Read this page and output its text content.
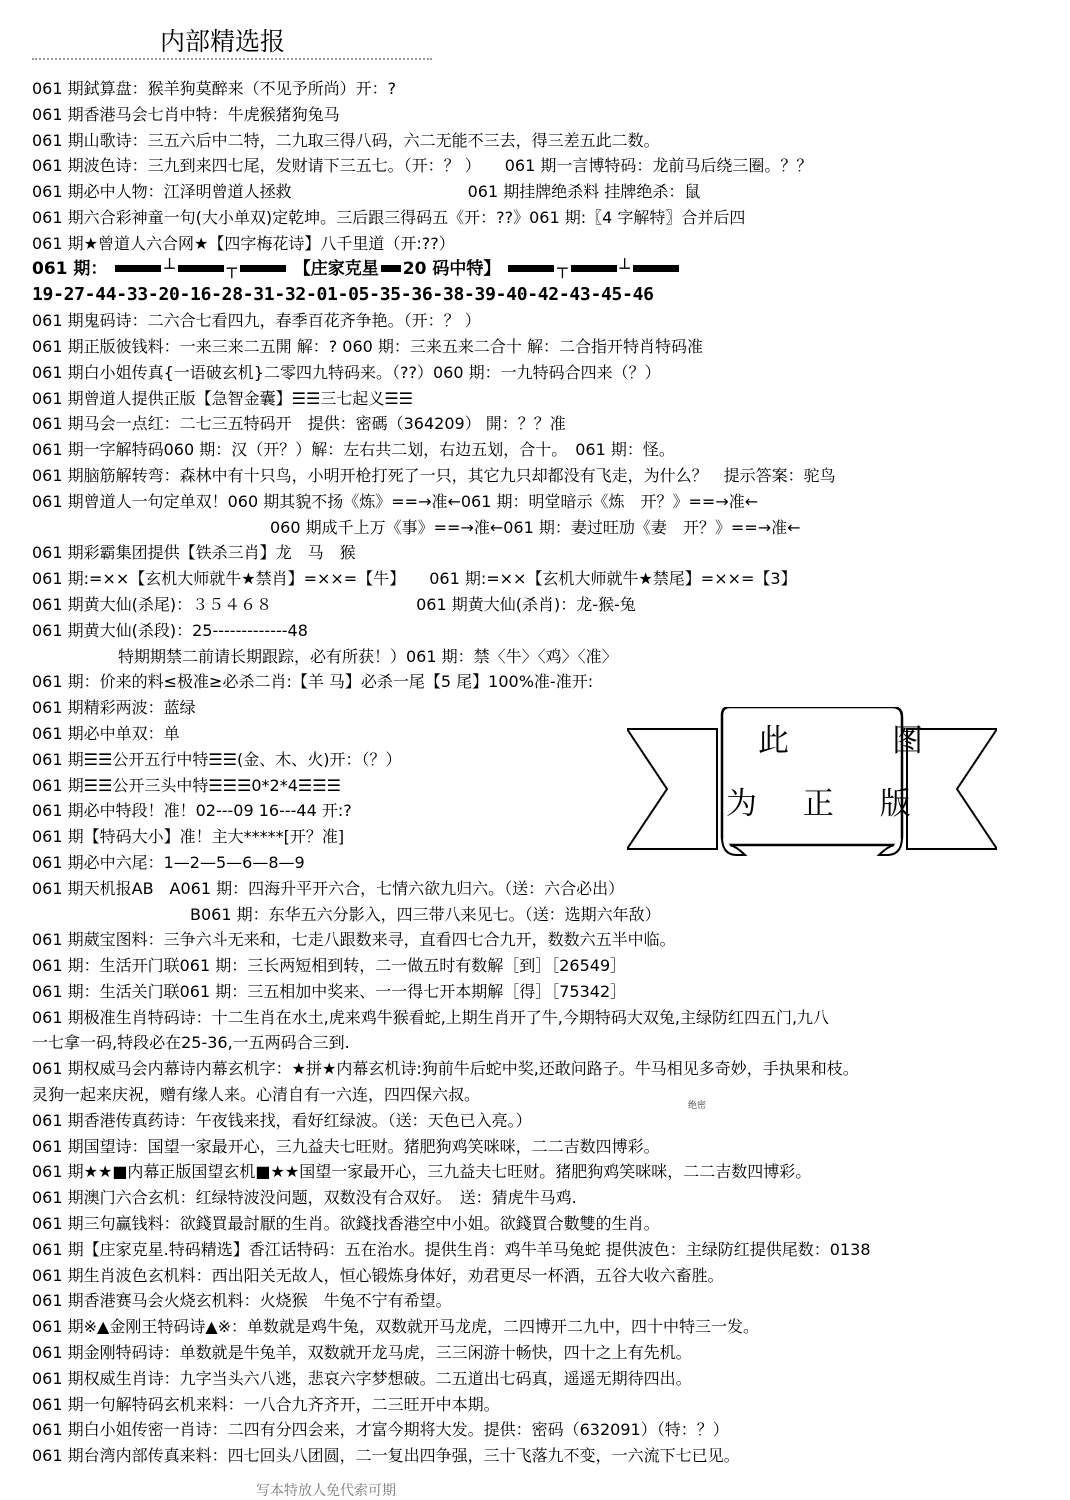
内部精选报
061 期鉽算盘：猴羊狗莫醉来（不见予所尚）开：?
061 期香港马会七肖中特：牛虎猴猪狗兔马
061 期山歌诗：三五六后中二特，二九取三得八码，六二无能不三去，得三差五此二数。
061 期波色诗：三九到来四七尾，发财请下三五七。（开：？ ）　　061 期一言博特码：龙前马后绕三圈。？？
061 期必中人物：江泽明曾道人拯救　　　　　　　　　　　061 期挂牌绝杀料 挂牌绝杀：鼠
061 期六合彩神童一句(大小单双)定乾坤。三后跟三得码五《开：??》061 期:〖4 字解特〗合并后四
061 期★曾道人六合网★【四字梅花诗】八千里道（开:??）
061 期：	┴	┬	【庄家克星 20 码中特】	┬	┴
19-27-44-33-20-16-28-31-32-01-05-35-36-38-39-40-42-43-45-46
061 期鬼码诗：二六合七看四九，春季百花齐争艳。（开：？ ）
061 期正版彼钱料：一来三来二五開 解：? 060 期：三来五来二合十 解：二合指开特肖特码准
061 期白小姐传真{一语破玄机}二零四九特码来。（??）060 期：一九特码合四来（？）
061 期曾道人提供正版【急智金囊】☰☰三七起义☰☰
061 期马会一点红：二七三五特码开　提供：密碼（364209） 開：？？准
061 期一字解特码060 期：汉（开？）解：左右共二划，右边五划，合十。　061 期：怪。
061 期脑筋解转弯：森林中有十只鸟，小明开枪打死了一只，其它九只却都没有飞走，为什么？　提示答案：驼鸟
061 期曾道人一句定单双！060 期其貌不扬《炼》==→准←061 期：明堂暗示《炼　开？》==→准←
060 期成千上万《事》==→准←061 期：妻过旺劢《妻　开？》==→准←
061 期彩霸集团提供【铁杀三肖】龙　马　猴
061 期:=××【玄机大师就牛★禁肖】=××=【牛】　　061 期:=××【玄机大师就牛★禁尾】=××=【3】
061 期黄大仙(杀尾)：３５４６８　　　　　　　　　061 期黄大仙(杀肖)：龙-猴-兔
061 期黄大仙(杀段)：25-------------48
特期期禁二前请长期跟踪，必有所获！）061 期：禁〈牛〉〈鸡〉〈准〉
061 期：价来的料≤极准≥必杀二肖:【羊 马】必杀一尾【5 尾】100%准-准开:
061 期精彩两波：蓝绿
061 期必中单双：单
061 期☰☰公开五行中特☰☰(金、木、火)开：（？）
061 期☰☰公开三头中特☰☰☰0*2*4☰☰☰
061 期必中特段！准！02---09 16---44 开:?
061 期【特码大小】准！主大*****[开？准]
061 期必中六尾：1—2—5—6—8—9
061 期天机报AB　A061 期：四海升平开六合，七情六欲九归六。（送：六合必出）
B061 期：东华五六分影入，四三带八来见七。（送：选期六年敌）
061 期葳宝图料：三争六斗无来和，七走八跟数来寻，直看四七合九开，数数六五半中临。
061 期：生活开门联061 期：三长两短相到转，二一做五时有数解［到］［26549］
061 期：生活关门联061 期：三五相加中奖来、一一得七开本期解［得］［75342］
061 期极准生肖特码诗：十二生肖在水土,虎来鸡牛猴看蛇,上期生肖开了牛,今期特码大双兔,主绿防红四五门,九八
一七拿一码,特段必在25-36,一五两码合三到.
061 期权威马会内幕诗内幕玄机字：★拼★内幕玄机诗:狗前牛后蛇中奖,还敢问路子。牛马相见多奇妙，手执果和枝。
灵狗一起来庆祝，赠有缘人来。心清自有一六连，四四保六叔。
061 期香港传真药诗：午夜钱来找，看好红绿波。（送：天色已入亮。）
061 期国望诗：国望一家最开心，三九益夫七旺财。猪肥狗鸡笑咪咪，二二吉数四博彩。
061 期★★■内幕正版国望玄机■★★国望一家最开心，三九益夫七旺财。猪肥狗鸡笑咪咪，二二吉数四博彩。
061 期澳门六合玄机：红绿特波没问题，双数没有合双好。　送：猜虎牛马鸡.
061 期三句赢钱料：欲錢買最討厭的生肖。欲錢找香港空中小姐。欲錢買合數雙的生肖。
061 期【庄家克星.特码精选】香江话特码：五在治水。提供生肖：鸡牛羊马兔蛇 提供波色：主绿防红提供尾数：0138
061 期生肖波色玄机料：西出阳关无故人，恒心锻炼身体好，劝君更尽一杯酒，五谷大收六畜胜。
061 期香港赛马会火烧玄机料：火烧猴　牛兔不宁有希望。
061 期※▲金刚王特码诗▲※：单数就是鸡牛兔，双数就开马龙虎，二四博开二九中，四十中特三一发。
061 期金刚特码诗：单数就是牛兔羊，双数就开龙马虎，三三闲游十畅快，四十之上有先机。
061 期权威生肖诗：九字当头六八逃，悲哀六字梦想破。二五道出七码真，遥遥无期待四出。
061 期一句解特码玄机来料：一八合九齐齐开，二三旺开中本期。
061 期白小姐传密一肖诗：二四有分四会来，才富今期将大发。提供：密码（632091）（特：？）
061 期台湾内部传真来料：四七回头八团圆，二一复出四争强，三十飞落九不变，一六流下七已见。
此　图
为 正 版
绝密
写本特放人免代索可期
